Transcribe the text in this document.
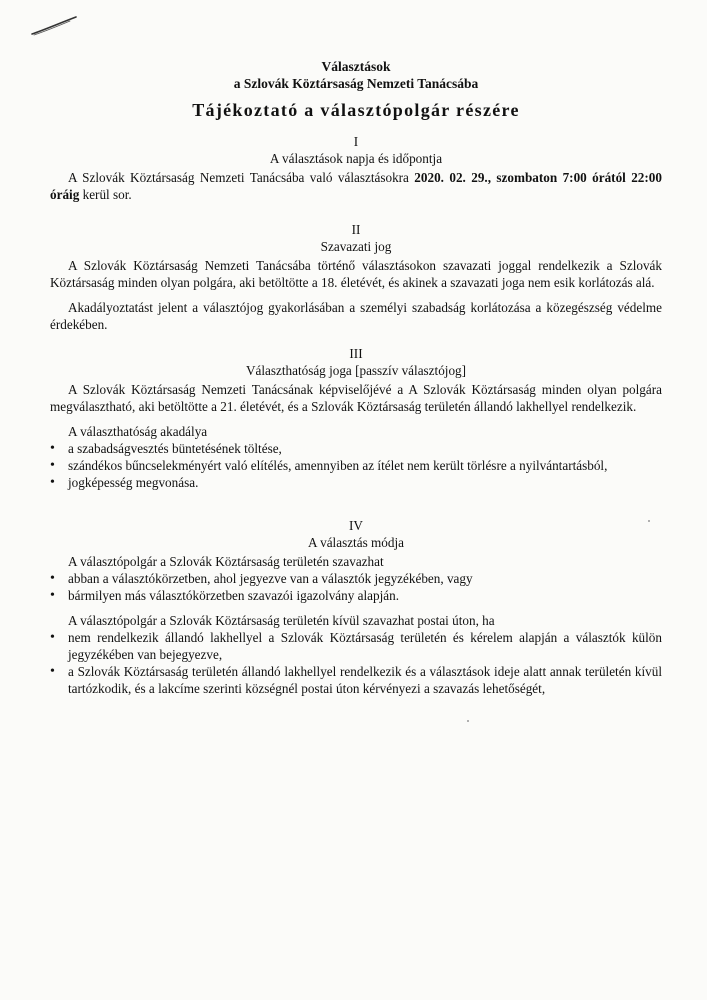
Választások
a Szlovák Köztársaság Nemzeti Tanácsába
Tájékoztató a választópolgár részére
I
A választások napja és időpontja

A Szlovák Köztársaság Nemzeti Tanácsába való választásokra 2020. 02. 29., szombaton 7:00 órától 22:00 óráig kerül sor.

II
Szavazati jog

A Szlovák Köztársaság Nemzeti Tanácsába történő választásokon szavazati joggal rendelkezik a Szlovák Köztársaság minden olyan polgára, aki betöltötte a 18. életévét, és akinek a szavazati joga nem esik korlátozás alá.

Akadályoztatást jelent a választójog gyakorlásában a személyi szabadság korlátozása a közegészség védelme érdekében.

III
Választhatóság joga [passzív választójog]

A Szlovák Köztársaság Nemzeti Tanácsának képviselőjévé a A Szlovák Köztársaság minden olyan polgára megválasztható, aki betöltötte a 21. életévét, és a Szlovák Köztársaság területén állandó lakhellyel rendelkezik.

A választhatóság akadálya
• a szabadságvesztés büntetésének töltése,
• szándékos bűncselekményért való elítélés, amennyiben az ítélet nem került törlésre a nyilvántartásból,
• jogképesség megvonása.
IV
A választás módja
A választópolgár a Szlovák Köztársaság területén szavazhat
• abban a választókörzetben, ahol jegyezve van a választók jegyzékében, vagy
• bármilyen más választókörzetben szavazói igazolvány alapján.
A választópolgár a Szlovák Köztársaság területén kívül szavazhat postai úton, ha
• nem rendelkezik állandó lakhellyel a Szlovák Köztársaság területén és kérelem alapján a választók külön jegyzékében van bejegyezve,
• a Szlovák Köztársaság területén állandó lakhellyel rendelkezik és a választások ideje alatt annak területén kívül tartózkodik, és a lakcíme szerinti községnél postai úton kérvényezi a szavazás lehetőségét,
